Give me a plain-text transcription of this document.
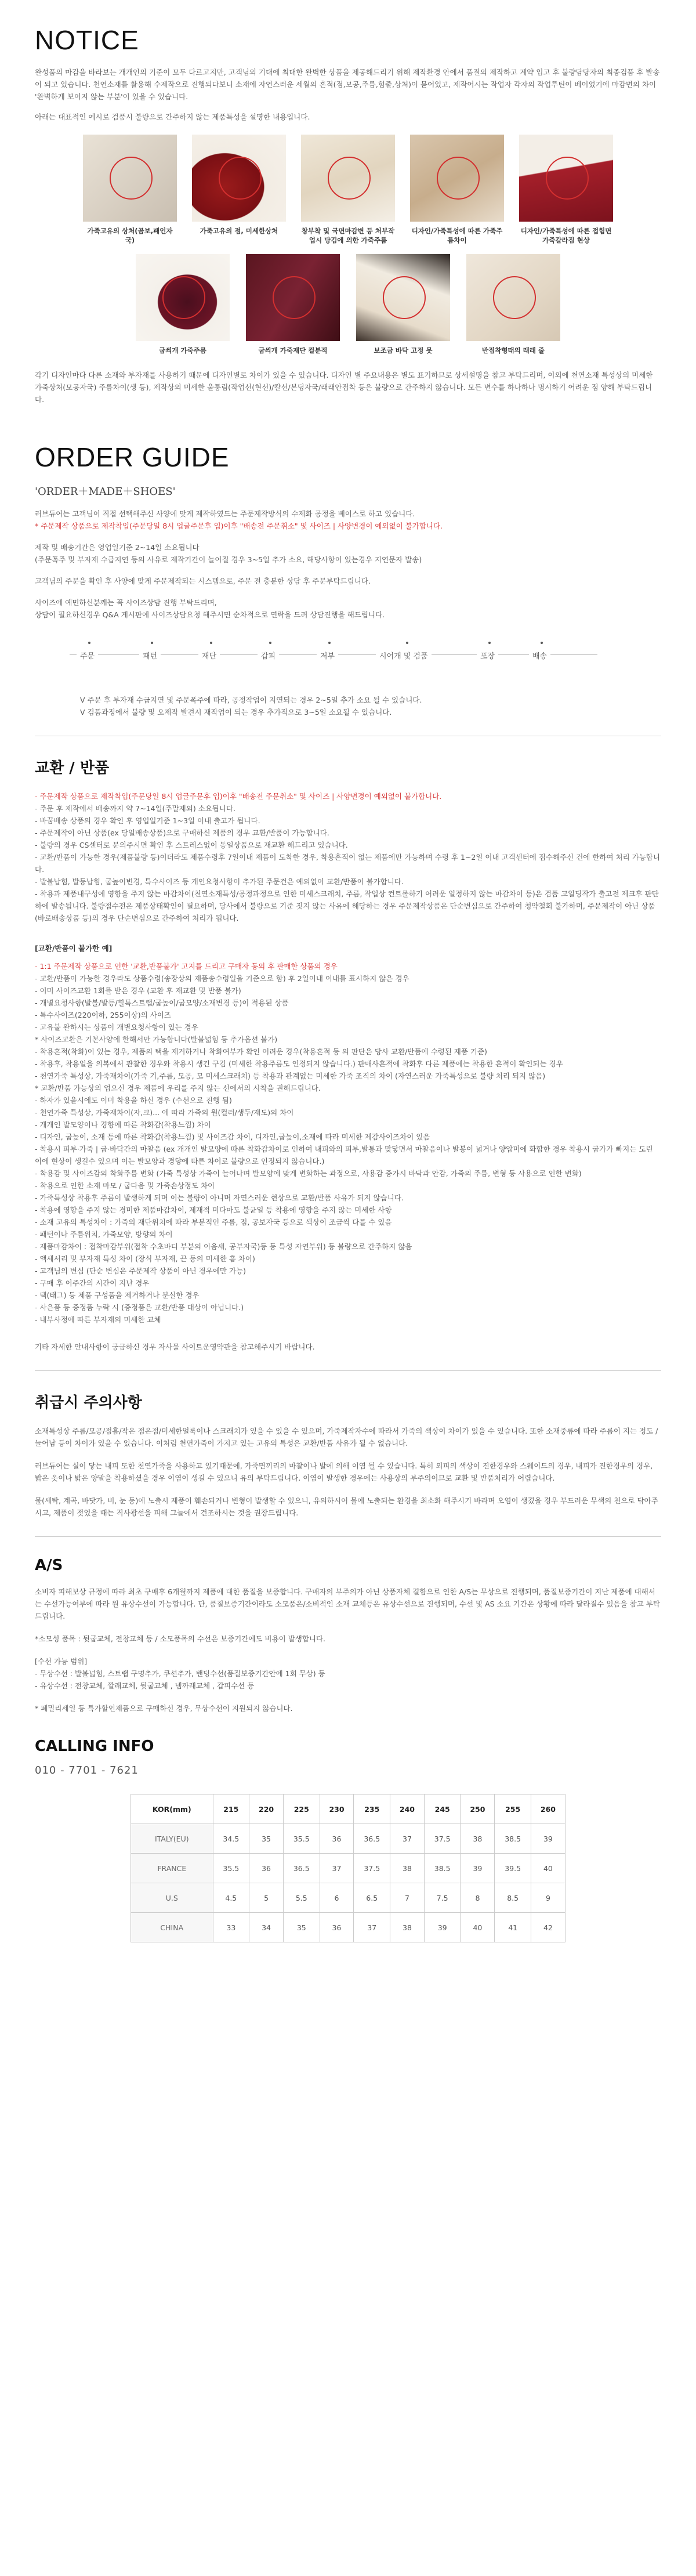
NOTICE

완성품의 마감을 바라보는 개개인의 기준이 모두 다르고지만, 고객님의 기대에 최대한 완벽한 상품을 제공해드리기 위해 제작환경 안에서 품질의 제작하고 계약 입고 후 불량담당자의 최종검품 후 발송이 되고 있습니다. 천연소재를 활용해 수제작으로 진행되다보니 소재에 자연스러운 세월의 흔적(점,모공,주름,힘줄,상처)이 묻어있고, 제작어시는 작업자 각자의 작업루틴이 베이었기에 마감면의 차이 '완벽하게 보이지 않는 부분'이 있을 수 있습니다.

아래는 대표적인 예시로 검품시 불량으로 간주하지 않는 제품특성을 설명한 내용입니다.

가죽고유의 상처(곰보,패인자국)
가죽고유의 점, 미세한상처	창부착 및 국면마감변 등 처부작업시 당김에 의한 가죽주름
디자인/가죽특성에 따른 가죽주름차이
디자인/가죽특성에 따른 접힘면 가죽갈라짐 현상
굽씌개 가죽주름	굽씌개 가죽재단 컬분적	보조굽 바닥 고정 못	반접착형태의 래래 줄

각기 디자인마다 다른 소재와 부자재를 사용하기 때문에 디자인별로 차이가 있을 수 있습니다. 디자인 별 주요내용은 별도 표기하므로 상세설명을 참고 부탁드리며, 이외에 천연소재 특성상의 미세한 가죽상처(모공자국) 주름차이(생 등), 제작상의 미세한 울퉁림(작업선(현선)/칼선/본딩자국/래래안접착 등은 불량으로 간주하지 않습니다. 모든 변수를 하나하나 명시하기 어려운 점 양해 부탁드립니다.

ORDER GUIDE

'ORDER＋MADE＋SHOES'

러브듀어는 고객님이 직접 선택해주신 사양에 맞게 제작하였드는 주문제작방식의 수제화 공정을 베이스로 하고 있습니다.

* 주문제작 상품으로 제작착입(주문당일 8시 업글주문후 입)이후 "배송전 주문취소" 및 사이즈 | 사양변경이 예외없이 불가합니다.

제작 및 배송기간은 영업일기준 2~14일 소요됩니다

(주문폭주 및 부자재 수급지연 등의 사유로 제작기간이 늘어질 경우 3~5일 추가 소요, 해당사항이 있는경우 지연문자 발송)

고객님의 주문을 확인 후 사양에 맞게 주문제작되는 시스템으로, 주문 전 충분한 상담 후 주문부탁드립니다.

사이즈에 예민하신분께는 꼭 사이즈상담 진행 부탁드리며,

상담이 필요하신경우 Q&A 게시판에 사이즈상담요청 해주시면 순차적으로 연락을 드려 상담진행을 해드립니다.

주문	패턴	재단	갑피	저부	시어개 및 검품	포장	배송

V 주문 후 부자재 수급지연 및 주문폭주에 따라, 공정작업이 지연되는 경우 2~5일 추가 소요 될 수 있습니다.

V 검품과정에서 불량 및 오제작 발견시 재작업이 되는 경우 추가적으로 3~5일 소요될 수 있습니다.

교환 / 반품

- 주문제작 상품으로 제작착입(주문당일 8시 업글주문후 입)이후 "배송전 주문취소" 및 사이즈 | 사양변경이 예외없이 불가합니다.

- 주문 후 제작에서 배송까지 약 7~14일(주말제외) 소요됩니다.

- 바꿈배송 상품의 경우 확인 후 영업일기준 1~3일 이내 출고가 됩니다.

- 주문제작이 아닌 상품(ex 당일배송상품)으로 구매하신 제품의 경우 교환/반품이 가능합니다.

- 불량의 경우 CS센터로 문의주시면 확인 후 스트레스없이 동일상품으로 재교환 해드리고 있습니다.

- 교환/반품이 가능한 경우(제품불량 등)이더라도 제품수령후 7일이내 제품이 도착한 경우, 착용흔적이 없는 제품에만 가능하며 수령 후 1~2일 이내 고객센터에 접수해주신 건에 한하여 처리 가능합니다.

- 발불납힘, 발등납힘, 굽높이변경, 특수사이즈 등 개인요청사항이 추가된 주문건은 예외없이 교환/반품이 불가합니다.

- 착용과 제품내구성에 영향을 주지 않는 마감차이(천연소재특성/공정과정으로 인한 미세스크래치, 주름, 작업상 컨트롤하기 어려운 일정하지 않는 마감차이 등)은 검품 고일딩작가 출고전 제크후 판단하에 발송됩니다. 불량접수전은 제품상태확인이 필요하며, 당사에서 불량으로 기준 짓지 않는 사유에 해당하는 경우 주문제작상품은 단순변심으로 간주하여 청약철회 불가하며, 주문제작이 아닌 상품(바로배송상품 등)의 경우 단순변심으로 간주하여 처리가 됩니다.

[교환/반품이 불가한 예]

- 1:1 주문제작 상품으로 인한 '교환,반품불가' 고지를 드리고 구매자 동의 후 판매한 상품의 경우

- 교환/반품이 가능한 경우라도 상품수령(송장상의 제품송수령일을 기준으로 함) 후 2일이내 이내를 표시하지 않은 경우

- 이미 사이즈교환 1회를 받은 경우 (교환 후 재교환 및 반품 불가)

- 개별요청사항(발볼/발등/힐특스트랩/굽높이/굽모양/소재변경 등)이 적용된 상품

- 특수사이즈(220이하, 255이상)의 사이즈

- 고유불 완하시는 상품이 개별요청사항이 있는 경우

* 사이즈교환은 기본사양에 한해서만 가능합니다(발불넓힘 등 추가옵션 불가)

- 착용흔적(착화)이 있는 경우, 제품의 택을 제거하거나 착화여부가 확인 어려운 경우(착용흔적 등 의 판단은 당사 교환/반품에 수령된 제품 기준)

- 착용후, 착용일을 의복에서 관찰한 경우와 착용시 생긴 구김 (미세한 착용주름도 인정되지 않습니다.) 판매사흔적에 착화후 다른 제품에는 착용한 흔적이 확인되는 경우

- 천연가죽 특성상, 가죽재차이(가죽 기,주름, 모공, 모 미세스크래치) 등 착용과 관계없는 미세한 가죽 조직의 차이 (자연스러운 가죽특성으로 불량 처리 되지 않음)

* 교환/반품 가능상의 업으신 경우 제품에 우리를 주지 않는 선에서의 시착을 권해드립니다.

- 하자가 있을시에도 이미 착용을 하신 경우 (수선으로 진행 됨)

- 천연가죽 특성상, 가죽재차이(자,크)... 에 따라 가죽의 원(컬러/생두/재도)의 차이

- 개개인 발모양이나 경향에 따른 착화감(착용느낌) 차이

- 디자인, 굽높이, 소재 등에 따른 착화감(착용느낌) 및 사이즈감 차이, 디자인,굽높이,소재에 따라 미세한 제감사이즈차이 있음

- 착용시 피부·가죽 | 굽·바닥간의 마찰음 (ex 개개인 발모양에 따른 착화감차이로 인하여 내피와의 피부,발통과 맞닿면서 마찰음이나 발봉이 넓거나 양압미에 화합한 경우 착용시 굽가가 빠지는 도린 이에 현상이 생길수 있으며 이는 발모양과 경향에 따른 차이로 불량으로 인정되지 않습니다.)

- 착용감 및 사이즈감의 착화주름 변화 (가죽 특성상 가죽이 늘어나며 발모양에 맞게 변화하는 과정으로, 사용감 증가시 바닥과 안감, 가죽의 주름, 변형 등 사용으로 인한 변화)

- 착용으로 인한 소재 마모 / 굽다음 및 가죽손상정도 차이

- 가죽특성상 착용후 주름이 발생하게 되며 이는 불량이 아니며 자연스러운 현상으로 교환/반품 사유가 되지 않습니다.

- 착용에 영향을 주지 않는 경미한 제품마감차이, 제재적 미다마도 불균일 등 착용에 영향을 주지 않는 미세한 사항

- 소재 고유의 특성차이 : 가죽의 재단위치에 따라 부분적인 주름, 점, 공보자국 등으로 색상이 조금씩 다를 수 있음

- 패턴이나 주름위치, 가죽모양, 방향의 차이

- 제품마감차이 : 접착마감부위(접착 수초바디 부분의 이음새, 공부자국)등 등 특성 자연부위) 등 불량으로 간주하지 않음

- 액세서리 및 부자재 특성 차이 (장식 부자재, 끈 등의 미세한 흠 차이)

- 고객님의 변심 (단순 변심은 주문제작 상품이 아닌 경우에만 가능)

- 구매 후 이주간의 시간이 지난 경우

- 택(태그) 등 제품 구성품을 제거하거나 분실한 경우

- 사은품 등 증정품 누락 시 (증정품은 교환/반품 대상이 아닙니다.)

- 내부사정에 따른 부자재의 미세한 교체

기타 자세한 안내사항이 궁금하신 경우 자사몰 사이트운영약관을 참고해주시기 바랍니다.

취급시 주의사항

소재특성상 주름/모공/점흠/작은 점은점/미세한얼룩이나 스크래치가 있을 수 있을 수 있으며, 가죽제작자수에 따라서 가죽의 색상이 차이가 있을 수 있습니다. 또한 소재중류에 따라 주름이 지는 정도 / 늘어남 등이 차이가 있을 수 있습니다. 이처럼 천연가죽이 가지고 있는 고유의 특성은 교환/반품 사유가 될 수 없습니다.

러브듀어는 실이 닿는 내피 또한 천연가죽을 사용하고 있기때문에, 가죽면끼리의 마찰이나 발에 의해 이염 될 수 있습니다. 특히 외피의 색상이 진한경우와 스웨이드의 경우, 내피가 진한경우의 경우, 밝은 옷이나 밝은 양말을 착용하셨을 경우 이염이 생길 수 있으니 유의 부탁드립니다. 이염이 발생한 경우에는 사용상의 부주의이므로 교환 및 반품처리가 어렵습니다.

물(세탁, 계곡, 바닷가, 비, 눈 등)에 노출시 제품이 훼손되거나 변형이 발생할 수 있으니, 유의하시어 물에 노출되는 환경을 최소화 해주시기 바라며 오염이 생겼을 경우 부드러운 무색의 천으로 닦아주시고, 제품이 젖었을 때는 직사광선을 피해 그늘에서 건조하시는 것을 권장드립니다.

A/S

소비자 피해보상 규정에 따라 최초 구매후 6개월까지 제품에 대한 품질을 보증합니다. 구매자의 부주의가 아닌 상품자체 결함으로 인한 A/S는 무상으로 진행되며, 품질보증기간이 지난 제품에 대해서는 수선가능여부에 따라 원 유상수선이 가능합니다. 단, 품질보증기간이라도 소모품은/소비적인 소재 교체등은 유상수선으로 진행되며, 수선 및 AS 소요 기간은 상황에 따라 달라질수 있음을 참고 부탁드립니다.

*소모성 품목 : 뒷굽교체, 전창교체 등 / 소모품목의 수선은 보증기간에도 비용이 발생합니다.

[수선 가능 범위]

- 무상수선 : 발볼넓힘, 스트랩 구멍추가, 쿠션추가, 밴딩수선(품질보증기간안에 1회 무상) 등

- 유상수선 : 전창교체, 깔래교체, 뒷굽교체 , 넴까래교체 , 갑피수선 등

* 폐밀리세일 등 특가할인제품으로 구매하신 경우, 무상수선이 지원되지 않습니다.

CALLING INFO
010 - 7701 - 7621
KOR(mm)	215	220	225	230	235	240	245	250	255	260
ITALY(EU)	34.5	35	35.5	36	36.5	37	37.5	38	38.5	39
FRANCE	35.5	36	36.5	37	37.5	38	38.5	39	39.5	40
U.S	4.5	5	5.5	6	6.5	7	7.5	8	8.5	9
CHINA	33	34	35	36	37	38	39	40	41	42
